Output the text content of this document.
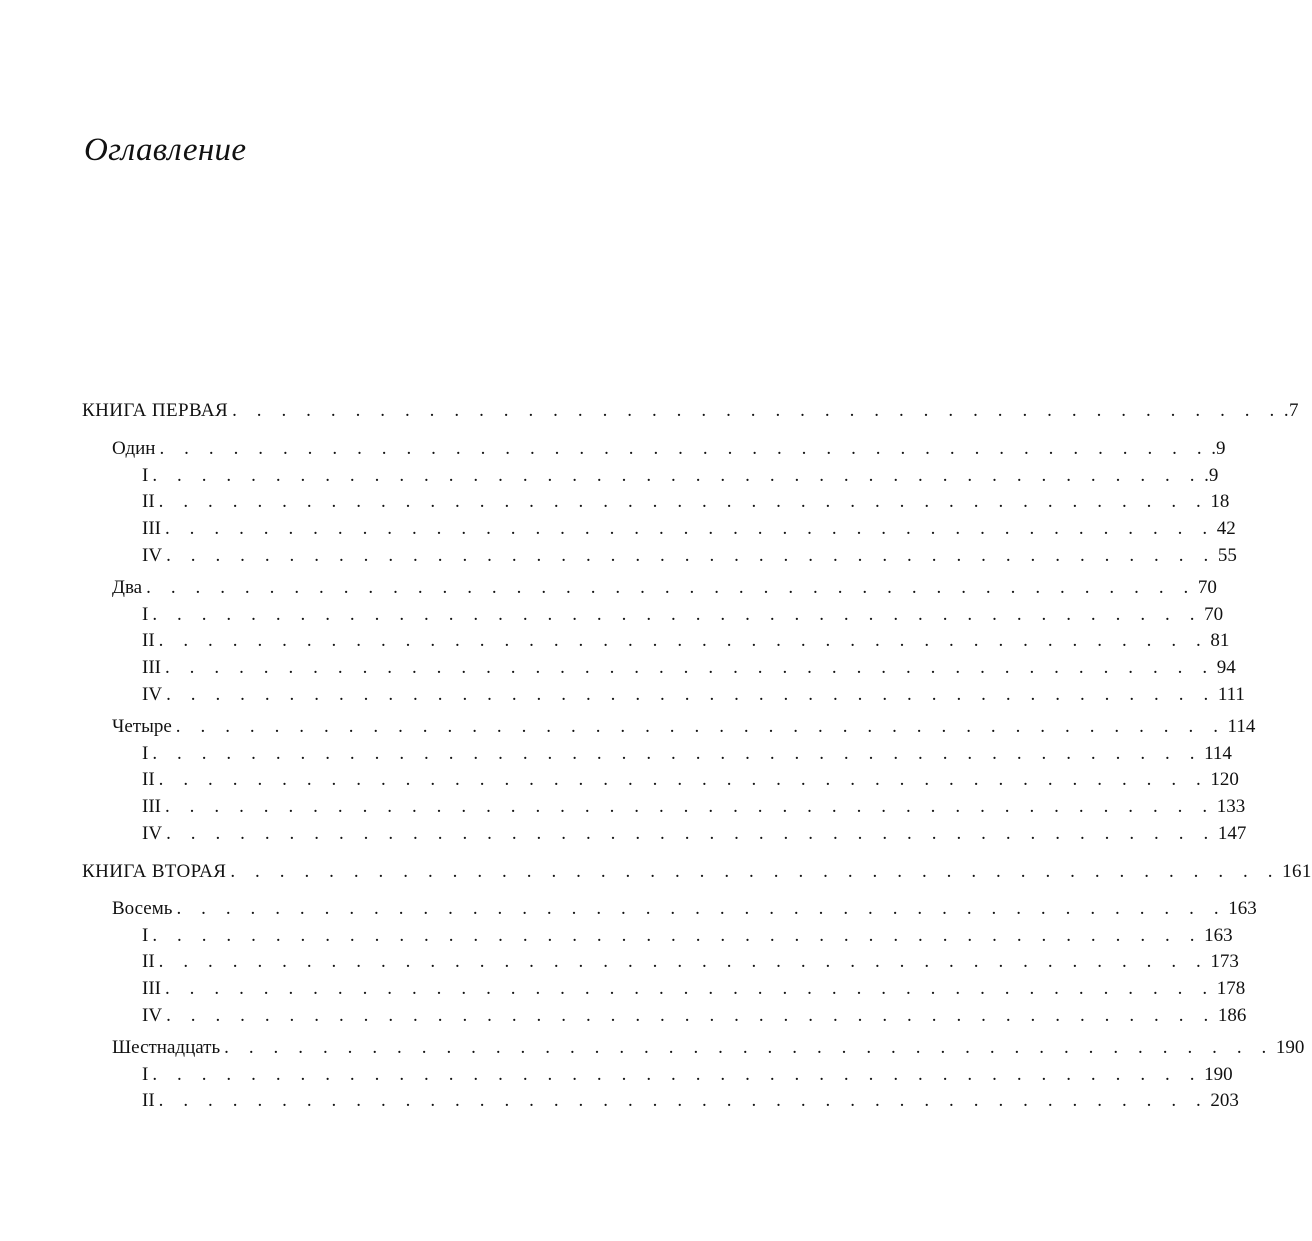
Оглавление
КНИГА ПЕРВАЯ . . . . . . . . . . . . . . . . . . . . . . . . . . . . . . . . . . . . . . . . . . . .7
Один . . . . . . . . . . . . . . . . . . . . . . . . . . . . . . . . . . . . . . . . . . . .9
I . . . . . . . . . . . . . . . . . . . . . . . . . . . . . . . . . . . . . . . . . . . .9
II . . . . . . . . . . . . . . . . . . . . . . . . . . . . . . . . . . . . . . . . . . . 18
III . . . . . . . . . . . . . . . . . . . . . . . . . . . . . . . . . . . . . . . . . . . 42
IV . . . . . . . . . . . . . . . . . . . . . . . . . . . . . . . . . . . . . . . . . . . 55
Два . . . . . . . . . . . . . . . . . . . . . . . . . . . . . . . . . . . . . . . . . . . 70
I . . . . . . . . . . . . . . . . . . . . . . . . . . . . . . . . . . . . . . . . . . . 70
II . . . . . . . . . . . . . . . . . . . . . . . . . . . . . . . . . . . . . . . . . . . 81
III . . . . . . . . . . . . . . . . . . . . . . . . . . . . . . . . . . . . . . . . . . . 94
IV . . . . . . . . . . . . . . . . . . . . . . . . . . . . . . . . . . . . . . . . . . . 111
Четыре . . . . . . . . . . . . . . . . . . . . . . . . . . . . . . . . . . . . . . . . . . . 114
I . . . . . . . . . . . . . . . . . . . . . . . . . . . . . . . . . . . . . . . . . . . 114
II . . . . . . . . . . . . . . . . . . . . . . . . . . . . . . . . . . . . . . . . . . . 120
III . . . . . . . . . . . . . . . . . . . . . . . . . . . . . . . . . . . . . . . . . . . 133
IV . . . . . . . . . . . . . . . . . . . . . . . . . . . . . . . . . . . . . . . . . . . 147
КНИГА ВТОРАЯ . . . . . . . . . . . . . . . . . . . . . . . . . . . . . . . . . . . . . . . . . . . 161
Восемь . . . . . . . . . . . . . . . . . . . . . . . . . . . . . . . . . . . . . . . . . . . 163
I . . . . . . . . . . . . . . . . . . . . . . . . . . . . . . . . . . . . . . . . . . . 163
II . . . . . . . . . . . . . . . . . . . . . . . . . . . . . . . . . . . . . . . . . . . 173
III . . . . . . . . . . . . . . . . . . . . . . . . . . . . . . . . . . . . . . . . . . . 178
IV . . . . . . . . . . . . . . . . . . . . . . . . . . . . . . . . . . . . . . . . . . . 186
Шестнадцать . . . . . . . . . . . . . . . . . . . . . . . . . . . . . . . . . . . . . . . . . . . 190
I . . . . . . . . . . . . . . . . . . . . . . . . . . . . . . . . . . . . . . . . . . . 190
II . . . . . . . . . . . . . . . . . . . . . . . . . . . . . . . . . . . . . . . . . . . 203
